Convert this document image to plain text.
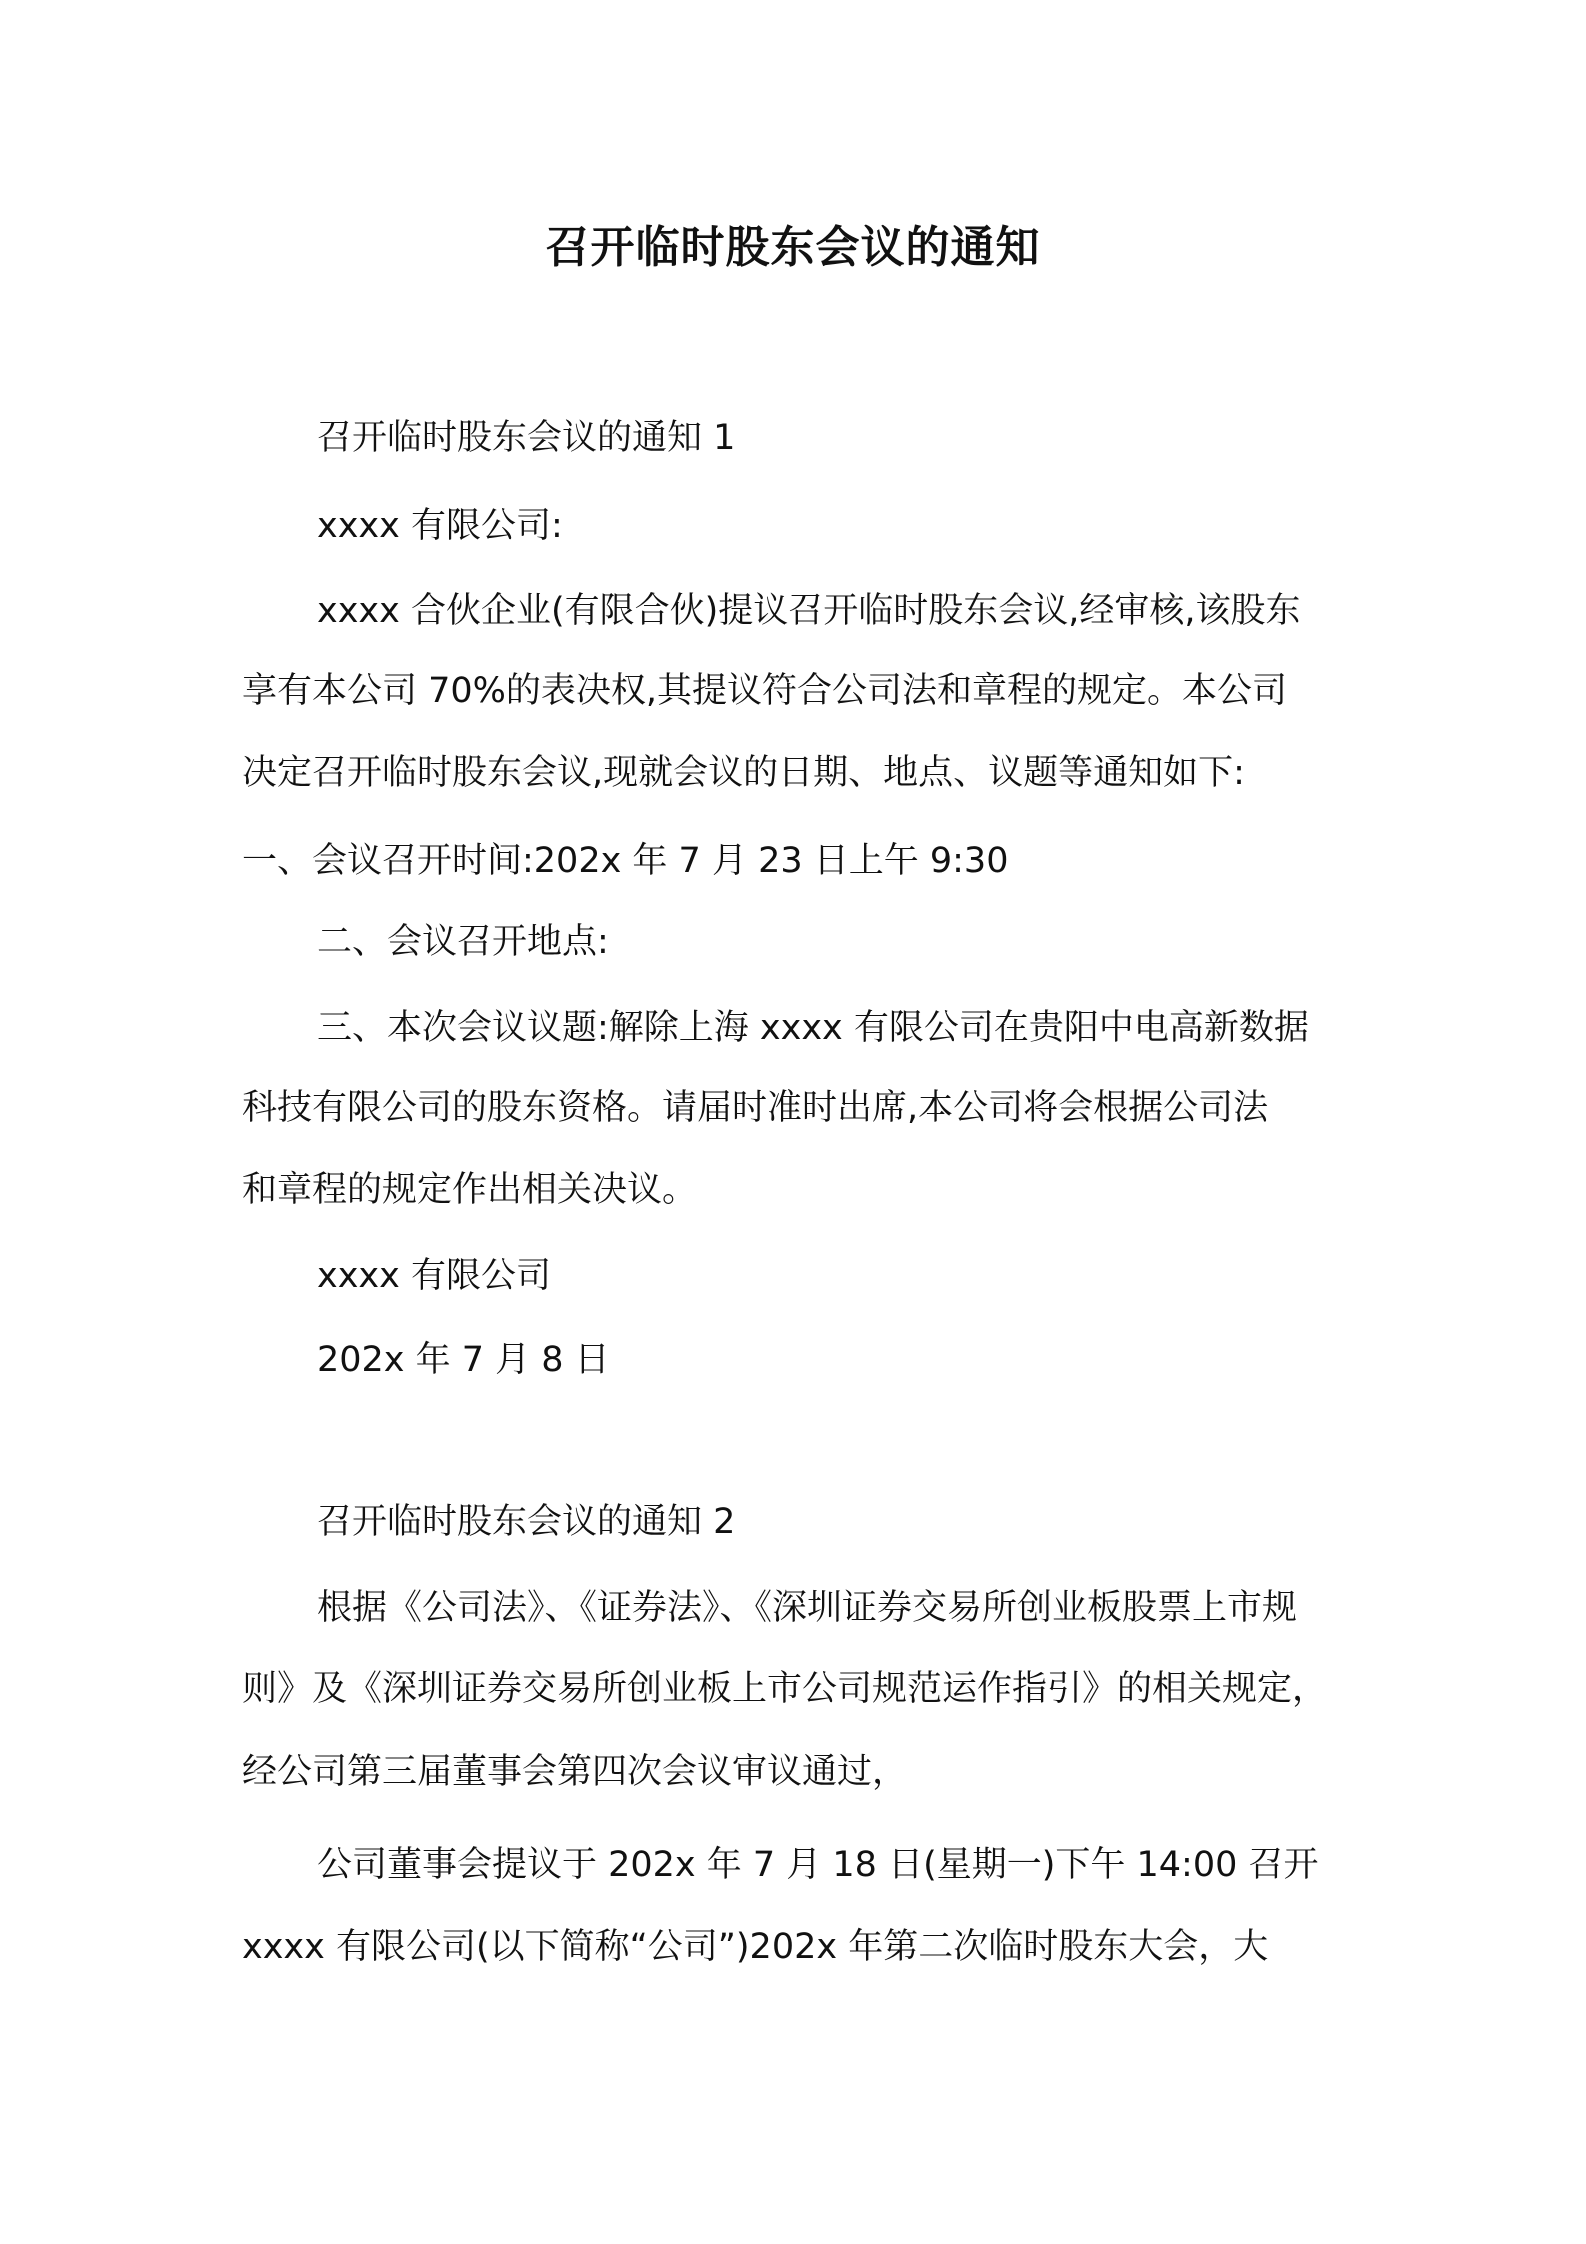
召开临时股东会议的通知
召开临时股东会议的通知 1
xxxx 有限公司:
xxxx 合伙企业(有限合伙)提议召开临时股东会议,经审核,该股东
享有本公司 70%的表决权,其提议符合公司法和章程的规定。本公司
决定召开临时股东会议,现就会议的日期、地点、议题等通知如下:
一、会议召开时间:202x 年 7 月 23 日上午 9:30
二、会议召开地点:
三、本次会议议题:解除上海 xxxx 有限公司在贵阳中电高新数据
科技有限公司的股东资格。请届时准时出席,本公司将会根据公司法
和章程的规定作出相关决议。
xxxx 有限公司
202x 年 7 月 8 日
召开临时股东会议的通知 2
根据《公司法》、《证券法》、《深圳证券交易所创业板股票上市规
则》及《深圳证券交易所创业板上市公司规范运作指引》的相关规定，
经公司第三届董事会第四次会议审议通过，
公司董事会提议于 202x 年 7 月 18 日(星期一)下午 14:00 召开
xxxx 有限公司(以下简称“公司”)202x 年第二次临时股东大会，大
